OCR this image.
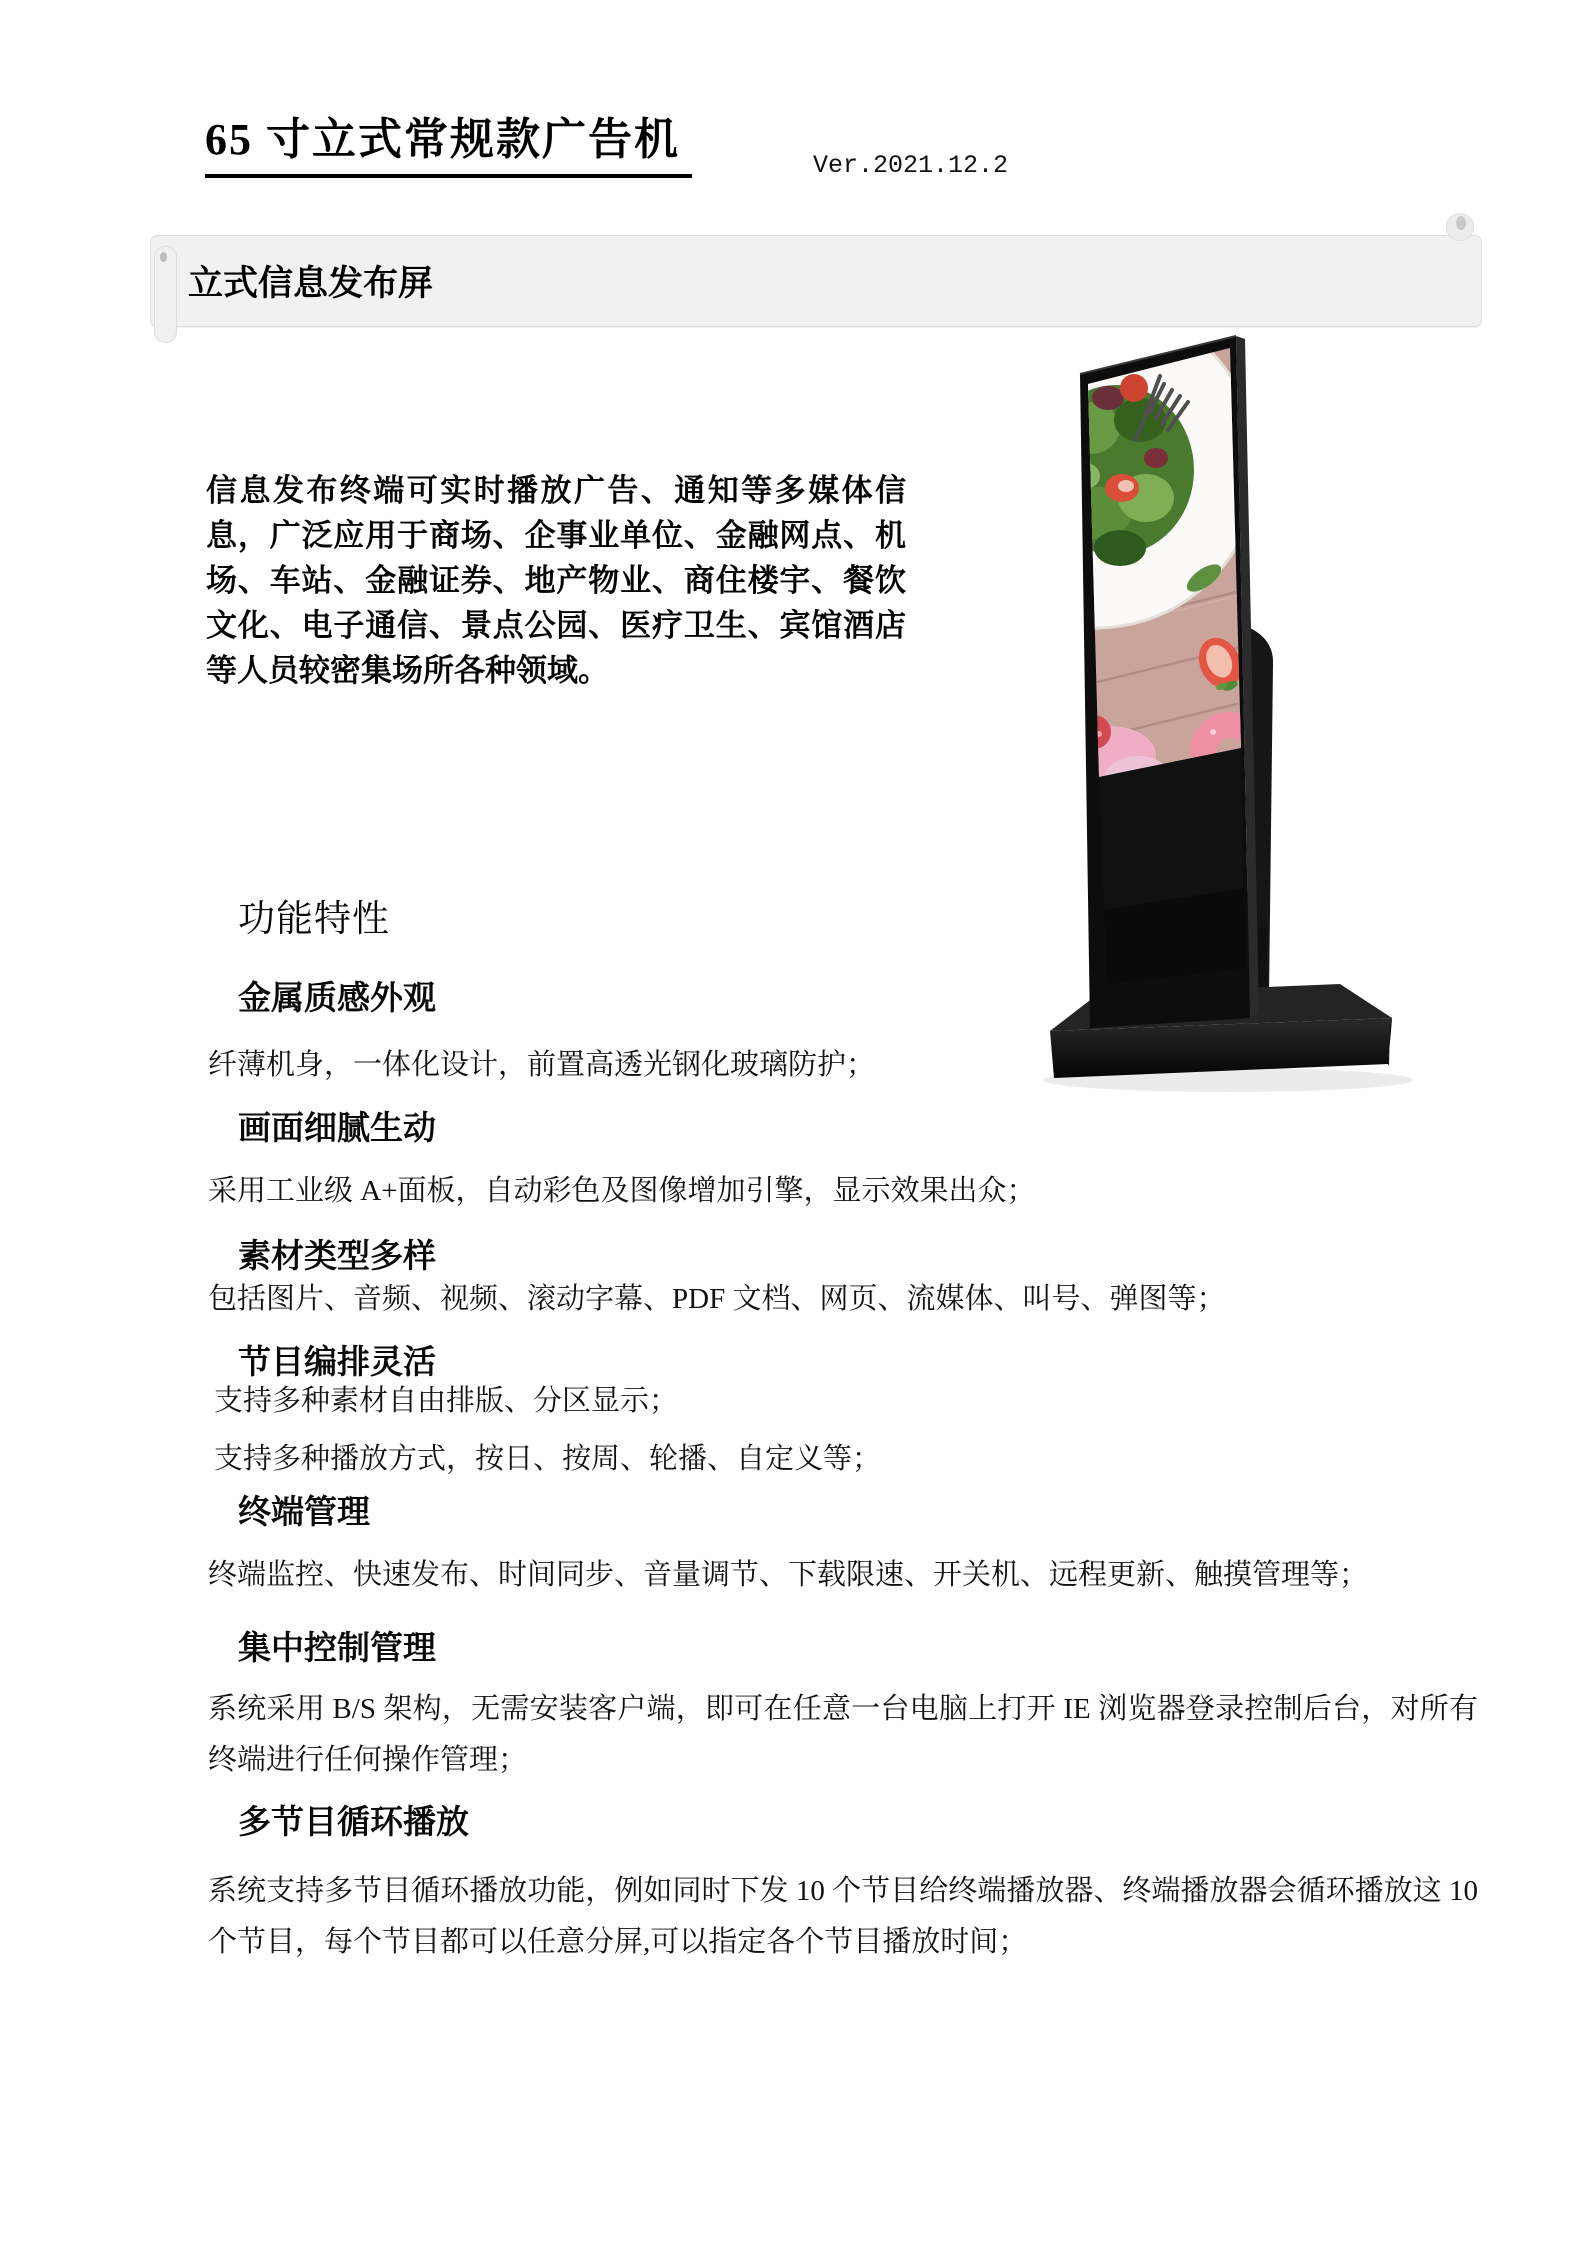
65 寸立式常规款广告机
Ver.2021.12.2
立式信息发布屏
信息发布终端可实时播放广告、通知等多媒体信息，广泛应用于商场、企事业单位、金融网点、机场、车站、金融证券、地产物业、商住楼宇、餐饮文化、电子通信、景点公园、医疗卫生、宾馆酒店等人员较密集场所各种领域。
功能特性
金属质感外观
纤薄机身，一体化设计，前置高透光钢化玻璃防护；
画面细腻生动
采用工业级 A+面板，自动彩色及图像增加引擎，显示效果出众；
素材类型多样
包括图片、音频、视频、滚动字幕、PDF 文档、网页、流媒体、叫号、弹图等；
节目编排灵活
支持多种素材自由排版、分区显示；
支持多种播放方式，按日、按周、轮播、自定义等；
终端管理
终端监控、快速发布、时间同步、音量调节、下载限速、开关机、远程更新、触摸管理等；
集中控制管理
系统采用 B/S 架构，无需安装客户端，即可在任意一台电脑上打开 IE 浏览器登录控制后台，对所有终端进行任何操作管理；
多节目循环播放
系统支持多节目循环播放功能，例如同时下发 10 个节目给终端播放器、终端播放器会循环播放这 10 个节目，每个节目都可以任意分屏,可以指定各个节目播放时间；
